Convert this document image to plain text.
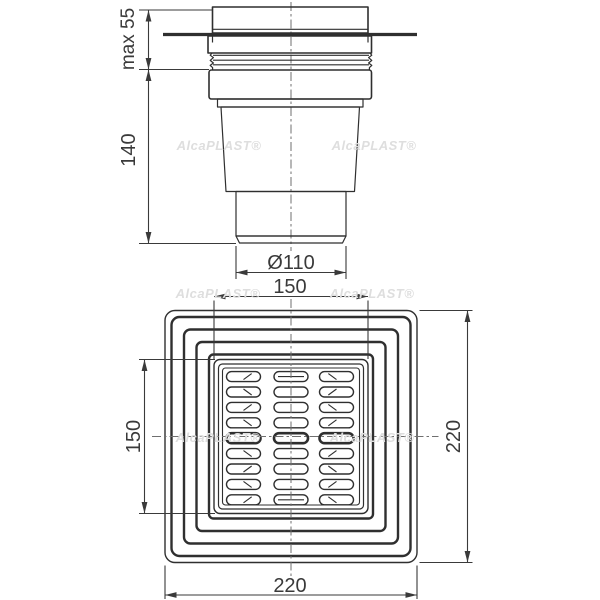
max 55
140
Ø110
150
150	220
220
AlcaPLAST®	AlcaPLAST®
AlcaPLAST®	AlcaPLAST®
AlcaPLAST®	AlcaPLAST®
